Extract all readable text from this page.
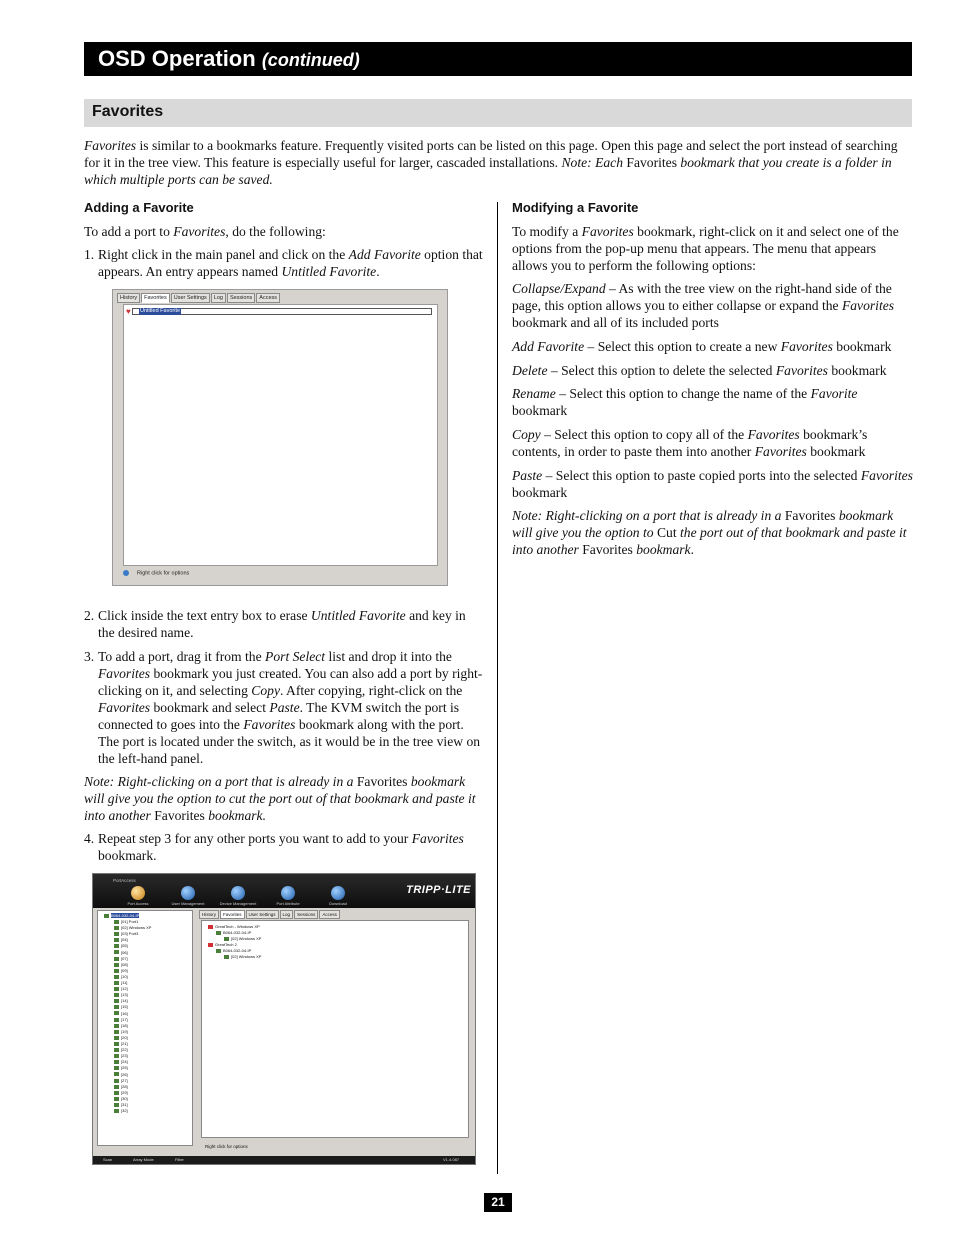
OSD Operation (continued)
Favorites
Favorites is similar to a bookmarks feature. Frequently visited ports can be listed on this page. Open this page and select the port instead of searching for it in the tree view. This feature is especially useful for larger, cascaded installations. Note: Each Favorites bookmark that you create is a folder in which multiple ports can be saved.
Adding a Favorite
To add a port to Favorites, do the following:
1. Right click in the main panel and click on the Add Favorite option that appears. An entry appears named Untitled Favorite.
History	Favorites	User Settings	Log	Sessions	Access
♥ Untitled Favorite
Right click for options
2. Click inside the text entry box to erase Untitled Favorite and key in the desired name.
3. To add a port, drag it from the Port Select list and drop it into the Favorites bookmark you just created. You can also add a port by right-clicking on it, and selecting Copy. After copying, right-click on the Favorites bookmark and select Paste. The KVM switch the port is connected to goes into the Favorites bookmark along with the port. The port is located under the switch, as it would be in the tree view on the left-hand panel.
Note: Right-clicking on a port that is already in a Favorites bookmark will give you the option to cut the port out of that bookmark and paste it into another Favorites bookmark.
4. Repeat step 3 for any other ports you want to add to your Favorites bookmark.
PortAccess
Port Access	User Management	Device Management	Port Attribute	Download
TRIPP·LITE
B064-032-04-IP
[01] Port1
[02] Windows XP
[03] Port3
[04]
[05]
[06]
[07]
[08]
[09]
[10]
[11]
[12]
[13]
[14]
[15]
[16]
[17]
[18]
[19]
[20]
[21]
[22]
[23]
[24]
[25]
[26]
[27]
[28]
[29]
[30]
[31]
[32]
History	Favorites	User Settings	Log	Sessions	Access
GreatTech - Windows XP
B064-032-04-IP
[02] Windows XP
GreatTech 2
B064-032-04-IP
[02] Windows XP
Right click for options
Scan	Array Mode	Filter	V1.4.087
Modifying a Favorite
To modify a Favorites bookmark, right-click on it and select one of the options from the pop-up menu that appears. The menu that appears allows you to perform the following options:
Collapse/Expand – As with the tree view on the right-hand side of the page, this option allows you to either collapse or expand the Favorites bookmark and all of its included ports
Add Favorite – Select this option to create a new Favorites bookmark
Delete – Select this option to delete the selected Favorites bookmark
Rename – Select this option to change the name of the Favorite bookmark
Copy – Select this option to copy all of the Favorites bookmark’s contents, in order to paste them into another Favorites bookmark
Paste – Select this option to paste copied ports into the selected Favorites bookmark
Note: Right-clicking on a port that is already in a Favorites bookmark will give you the option to Cut the port out of that bookmark and paste it into another Favorites bookmark.
21
